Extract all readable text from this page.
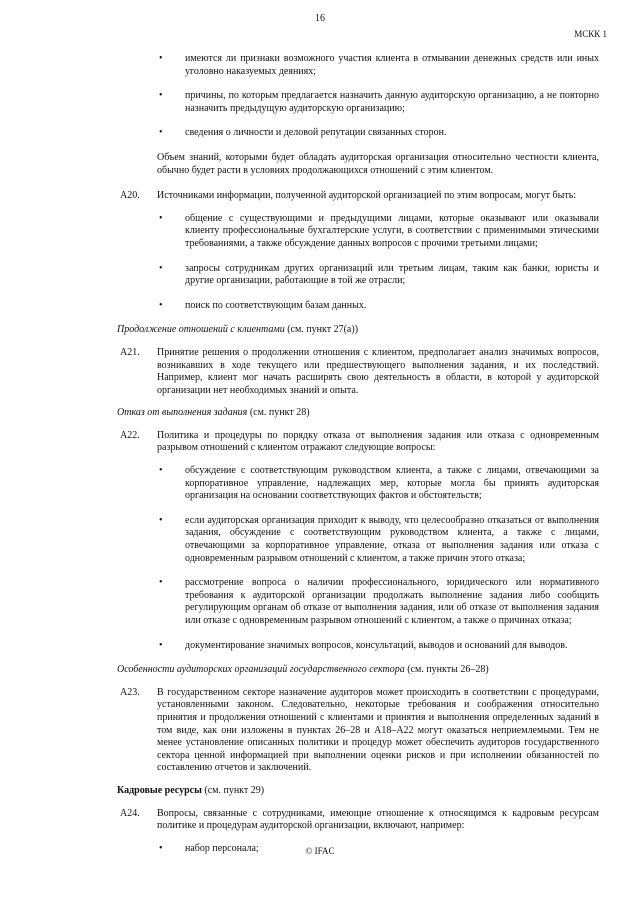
16
МСКК 1
• имеются ли признаки возможного участия клиента в отмывании денежных средств или иных уголовно наказуемых деяниях;
• причины, по которым предлагается назначить данную аудиторскую организацию, а не повторно назначить предыдущую аудиторскую организацию;
• сведения о личности и деловой репутации связанных сторон.
Объем знаний, которыми будет обладать аудиторская организация относительно честности клиента, обычно будет расти в условиях продолжающихся отношений с этим клиентом.
A20. Источниками информации, полученной аудиторской организацией по этим вопросам, могут быть:
• общение с существующими и предыдущими лицами, которые оказывают или оказывали клиенту профессиональные бухгалтерские услуги, в соответствии с применимыми этическими требованиями, а также обсуждение данных вопросов с прочими третьими лицами;
• запросы сотрудникам других организаций или третьим лицам, таким как банки, юристы и другие организации, работающие в той же отрасли;
• поиск по соответствующим базам данных.
Продолжение отношений с клиентами (см. пункт 27(а))
A21. Принятие решения о продолжении отношения с клиентом, предполагает анализ значимых вопросов, возникавших в ходе текущего или предшествующего выполнения задания, и их последствий. Например, клиент мог начать расширять свою деятельность в области, в которой у аудиторской организации нет необходимых знаний и опыта.
Отказ от выполнения задания (см. пункт 28)
A22. Политика и процедуры по порядку отказа от выполнения задания или отказа с одновременным разрывом отношений с клиентом отражают следующие вопросы:
• обсуждение с соответствующим руководством клиента, а также с лицами, отвечающими за корпоративное управление, надлежащих мер, которые могла бы принять аудиторская организация на основании соответствующих фактов и обстоятельств;
• если аудиторская организация приходит к выводу, что целесообразно отказаться от выполнения задания, обсуждение с соответствующим руководством клиента, а также с лицами, отвечающими за корпоративное управление, отказа от выполнения задания или отказа с одновременным разрывом отношений с клиентом, а также причин этого отказа;
• рассмотрение вопроса о наличии профессионального, юридического или нормативного требования к аудиторской организации продолжать выполнение задания либо сообщить регулирующим органам об отказе от выполнения задания, или об отказе от выполнения задания или отказе с одновременным разрывом отношений с клиентом, а также о причинах отказа;
• документирование значимых вопросов, консультаций, выводов и оснований для выводов.
Особенности аудиторских организаций государственного сектора (см. пункты 26–28)
A23. В государственном секторе назначение аудиторов может происходить в соответствии с процедурами, установленными законом. Следовательно, некоторые требования и соображения относительно принятия и продолжения отношений с клиентами и принятия и выполнения определенных заданий в том виде, как они изложены в пунктах 26–28 и A18–A22 могут оказаться неприемлемыми. Тем не менее установление описанных политики и процедур может обеспечить аудиторов государственного сектора ценной информацией при выполнении оценки рисков и при исполнении обязанностей по составлению отчетов и заключений.
Кадровые ресурсы (см. пункт 29)
A24. Вопросы, связанные с сотрудниками, имеющие отношение к относящимся к кадровым ресурсам политике и процедурам аудиторской организации, включают, например:
• набор персонала;	© IFAC
